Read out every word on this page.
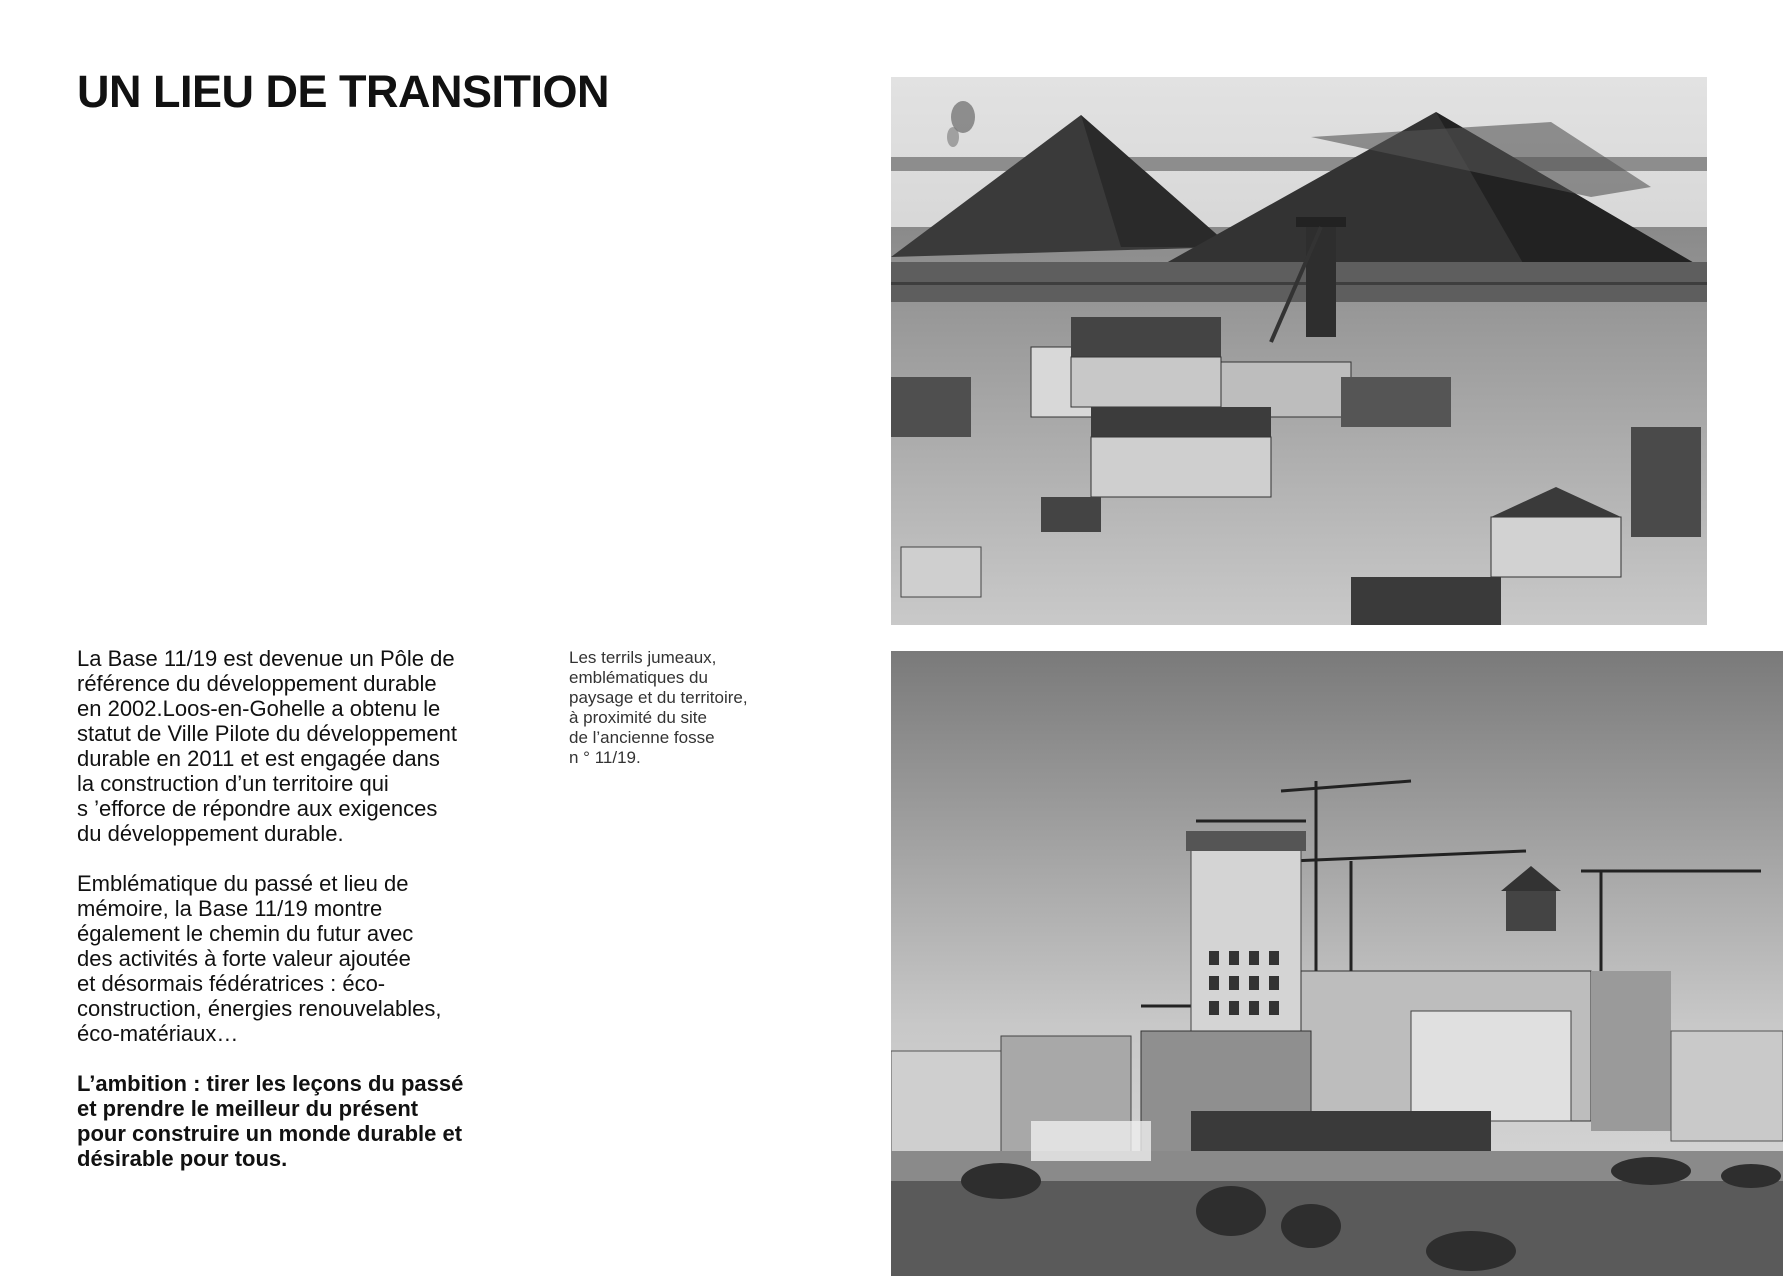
UN LIEU DE TRANSITION

La Base 11/19 est devenue un Pôle de
référence du développement durable
en 2002.Loos-en-Gohelle a obtenu le
statut de Ville Pilote du développement
durable en 2011 et est engagée dans
la construction d’un territoire qui
s ’efforce de répondre aux exigences
du développement durable.

Emblématique du passé et lieu de
mémoire, la Base 11/19 montre
également le chemin du futur avec
des activités à forte valeur ajoutée
et désormais fédératrices : éco-
construction, énergies renouvelables,
éco-matériaux…

L’ambition : tirer les leçons du passé
et prendre le meilleur du présent
pour construire un monde durable et
désirable pour tous.

Les terrils jumeaux,
emblématiques du
paysage et du territoire,
à proximité du site
de l’ancienne fosse
n ° 11/19.
